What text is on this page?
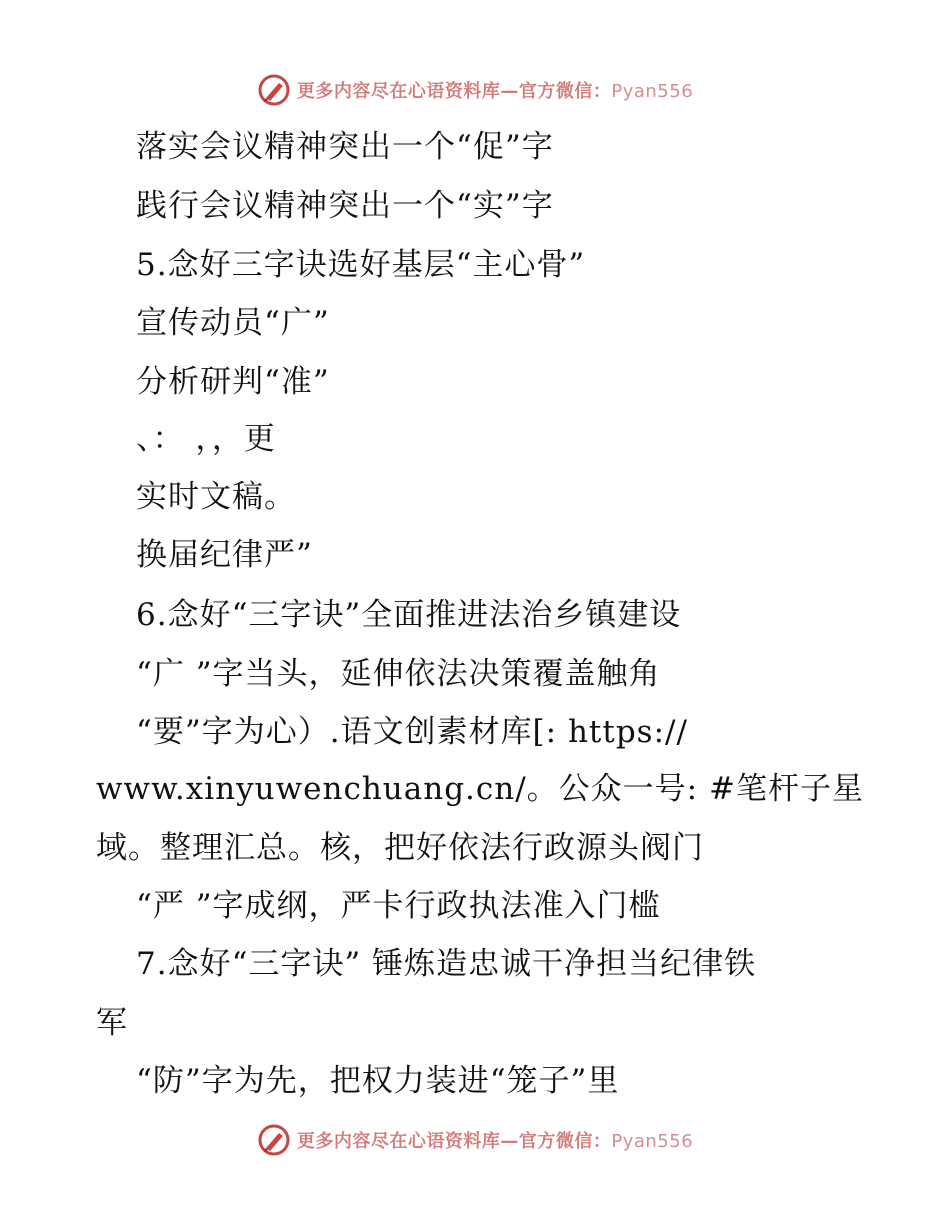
更多内容尽在心语资料库—官方微信：Pyan556
落实会议精神突出一个“促”字
践行会议精神突出一个“实”字
5.念好三字诀选好基层“主心骨”
宣传动员“广”
分析研判“准”
、： ，，更
实时文稿。
换届纪律严”
6.念好“三字诀”全面推进法治乡镇建设
“广 ”字当头，延伸依法决策覆盖触角
“要”字为心）.语文创素材库[: https://
www.xinyuwenchuang.cn/。公众一号: #笔杆子星
域。整理汇总。核，把好依法行政源头阀门
“严 ”字成纲，严卡行政执法准入门槛
7.念好“三字诀” 锤炼造忠诚干净担当纪律铁
军
“防”字为先，把权力装进“笼子”里
更多内容尽在心语资料库—官方微信：Pyan556
